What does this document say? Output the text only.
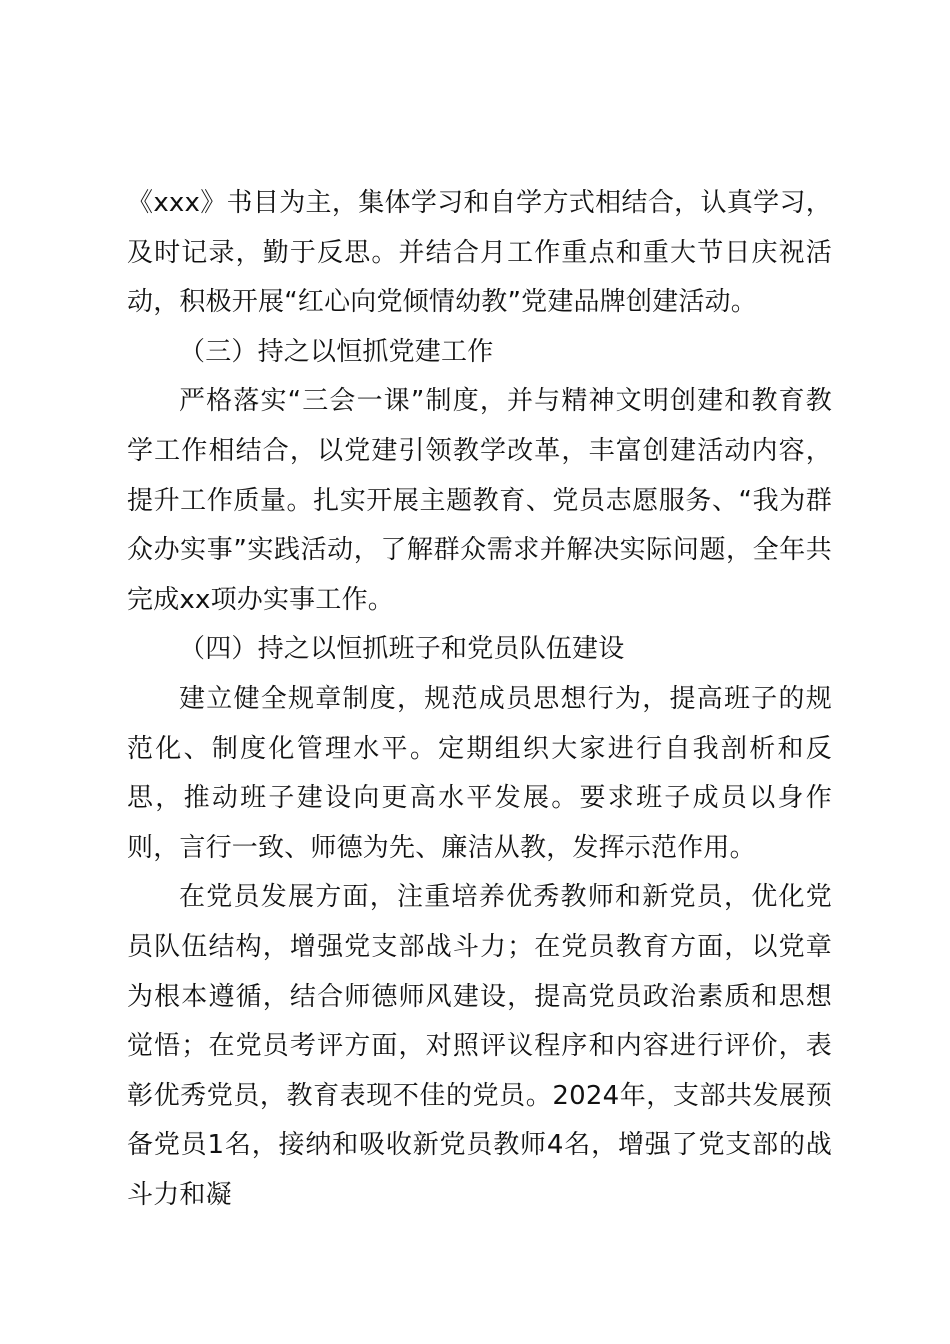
《xxx》书目为主，集体学习和自学方式相结合，认真学习，及时记录，勤于反思。并结合月工作重点和重大节日庆祝活动，积极开展“红心向党倾情幼教”党建品牌创建活动。

（三）持之以恒抓党建工作

严格落实“三会一课”制度，并与精神文明创建和教育教学工作相结合，以党建引领教学改革，丰富创建活动内容，提升工作质量。扎实开展主题教育、党员志愿服务、“我为群众办实事”实践活动，了解群众需求并解决实际问题，全年共完成xx项办实事工作。

（四）持之以恒抓班子和党员队伍建设

建立健全规章制度，规范成员思想行为，提高班子的规范化、制度化管理水平。定期组织大家进行自我剖析和反思，推动班子建设向更高水平发展。要求班子成员以身作则，言行一致、师德为先、廉洁从教，发挥示范作用。

在党员发展方面，注重培养优秀教师和新党员，优化党员队伍结构，增强党支部战斗力；在党员教育方面，以党章为根本遵循，结合师德师风建设，提高党员政治素质和思想觉悟；在党员考评方面，对照评议程序和内容进行评价，表彰优秀党员，教育表现不佳的党员。2024年，支部共发展预备党员1名，接纳和吸收新党员教师4名，增强了党支部的战斗力和凝
